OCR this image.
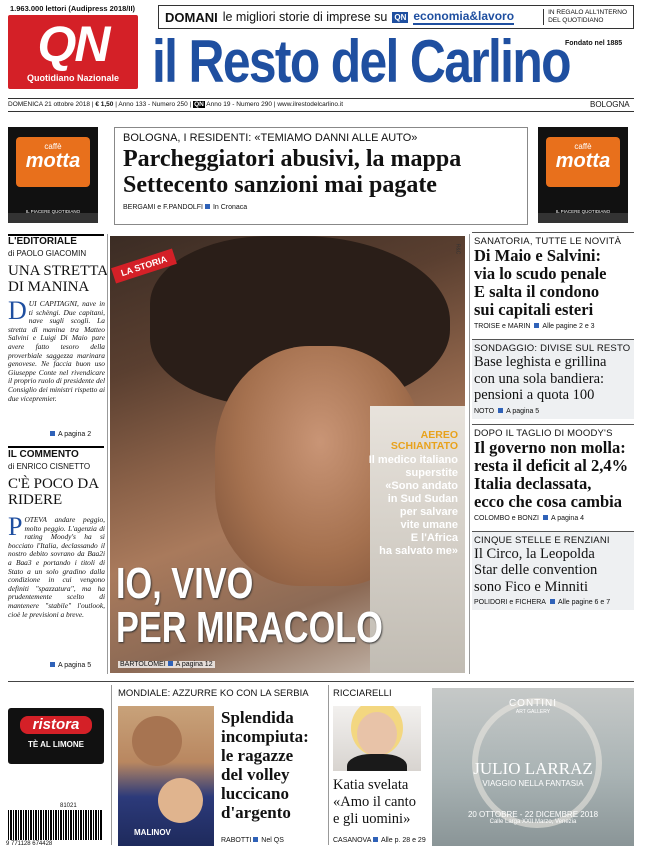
1.963.000 lettori (Audipress 2018/II)
DOMANI le migliori storie di imprese su QN economia&lavoro	IN REGALO ALL'INTERNO
DEL QUOTIDIANO
QN
Quotidiano Nazionale il Resto del Carlino
Fondato nel 1885
BOLOGNA
DOMENICA 21 ottobre 2018 | € 1,50 | Anno 133 - Numero 250 | QN Anno 19 - Numero 290 | www.ilrestodelcarlino.it
caffè
motta
IL PIACERE QUOTIDIANO
caffè
motta
IL PIACERE QUOTIDIANO
BOLOGNA, I RESIDENTI: «TEMIAMO DANNI ALLE AUTO»
Parcheggiatori abusivi, la mappa
Settecento sanzioni mai pagate
BERGAMI e F.PANDOLFI In Cronaca
L'EDITORIALE
di PAOLO GIACOMIN
UNA STRETTA DI MANINA
DUI CAPITAGNI, nave in ti schèngi. Due capitani, nave sugli scogli. La stretta di manina tra Matteo Salvini e Luigi Di Maio pare avere fatto tesoro della proverbiale saggezza marinara genovese. Ne faccia buon uso Giuseppe Conte nel rivendicare il proprio ruolo di presidente del Consiglio dei ministri rispetto ai due vicepremier.
A pagina 2
IL COMMENTO
di ENRICO CISNETTO
C'È POCO DA RIDERE
POTEVA andare peggio, molto peggio. L'agenzia di rating Moody's ha sì bocciato l'Italia, declassando il nostro debito sovrano da Baa2i a Baa3 e portando i titoli di Stato a un solo gradino dalla condizione in cui vengono definiti "spazzatura", ma ha prudentemente scelto di mantenere "stabile" l'outlook, cioè le previsioni a breve.
A pagina 5
LA STORIA
R&C
AEREO
SCHIANTATO
Il medico italiano
superstite
«Sono andato
in Sud Sudan
per salvare
vite umane
E l'Africa
ha salvato me»
IO, VIVO
PER MIRACOLO
BARTOLOMEI A pagina 12
SANATORIA, TUTTE LE NOVITÀ
Di Maio e Salvini:
via lo scudo penale
E salta il condono
sui capitali esteri
TROISE e MARIN Alle pagine 2 e 3
SONDAGGIO: DIVISE SUL RESTO
Base leghista e grillina
con una sola bandiera:
pensioni a quota 100
NOTO A pagina 5
DOPO IL TAGLIO DI MOODY'S
Il governo non molla:
resta il deficit al 2,4%
Italia declassata,
ecco che cosa cambia
COLOMBO e BONZI A pagina 4
CINQUE STELLE E RENZIANI
Il Circo, la Leopolda
Star delle convention
sono Fico e Minniti
POLIDORI e FICHERA Alle pagine 6 e 7
ristora
TÈ AL LIMONE
81021
9 771128 674428
MONDIALE: AZZURRE KO CON LA SERBIA
MALINOV
Splendida
incompiuta:
le ragazze
del volley
luccicano
d'argento
RABOTTI Nel QS
RICCIARELLI
Katia svelata
«Amo il canto
e gli uomini»
CASANOVA Alle p. 28 e 29
CONTINI
ART GALLERY
JULIO LARRAZ
VIAGGIO NELLA FANTASIA
20 OTTOBRE - 22 DICEMBRE 2018
Calle Larga XXII Marzo, Venezia
